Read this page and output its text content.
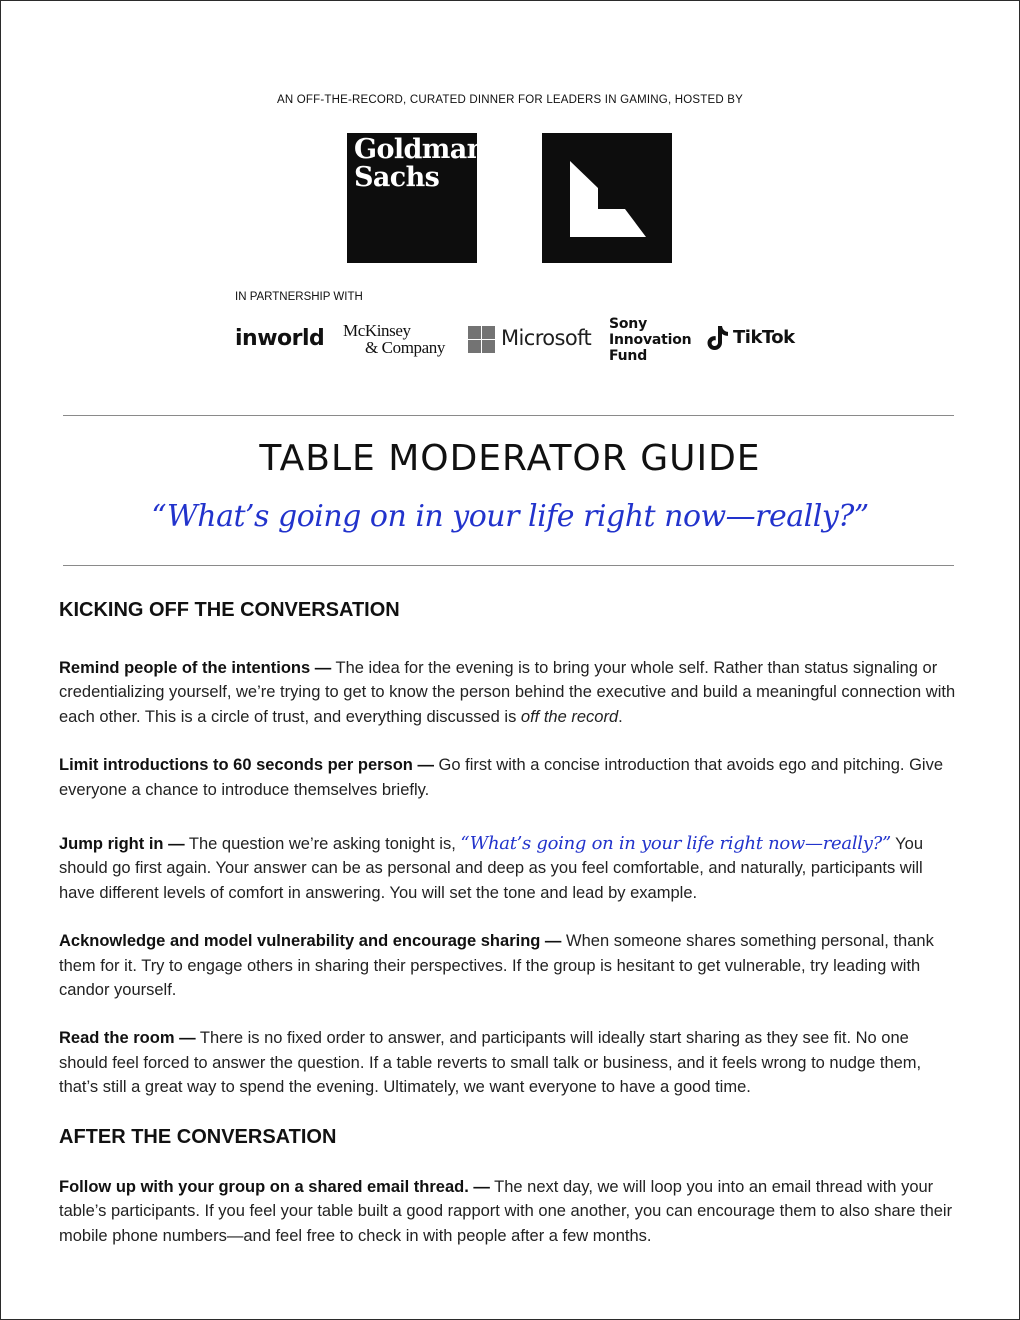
AN OFF-THE-RECORD, CURATED DINNER FOR LEADERS IN GAMING, HOSTED BY
Goldman
Sachs
IN PARTNERSHIP WITH
inworld McKinsey
& Company	Microsoft
Sony
Innovation
Fund
TikTok
TABLE MODERATOR GUIDE
“What’s going on in your life right now—really?”
KICKING OFF THE CONVERSATION

Remind people of the intentions — The idea for the evening is to bring your whole self. Rather than status signaling or credentializing yourself, we’re trying to get to know the person behind the executive and build a meaningful connection with each other. This is a circle of trust, and everything discussed is off the record.

Limit introductions to 60 seconds per person — Go first with a concise introduction that avoids ego and pitching. Give everyone a chance to introduce themselves briefly.

Jump right in — The question we’re asking tonight is, “What’s going on in your life right now—really?” You should go first again. Your answer can be as personal and deep as you feel comfortable, and naturally, participants will have different levels of comfort in answering. You will set the tone and lead by example.

Acknowledge and model vulnerability and encourage sharing — When someone shares something personal, thank them for it. Try to engage others in sharing their perspectives. If the group is hesitant to get vulnerable, try leading with candor yourself.

Read the room — There is no fixed order to answer, and participants will ideally start sharing as they see fit. No one should feel forced to answer the question. If a table reverts to small talk or business, and it feels wrong to nudge them, that’s still a great way to spend the evening. Ultimately, we want everyone to have a good time.

AFTER THE CONVERSATION

Follow up with your group on a shared email thread. — The next day, we will loop you into an email thread with your table’s participants. If you feel your table built a good rapport with one another, you can encourage them to also share their mobile phone numbers—and feel free to check in with people after a few months.
